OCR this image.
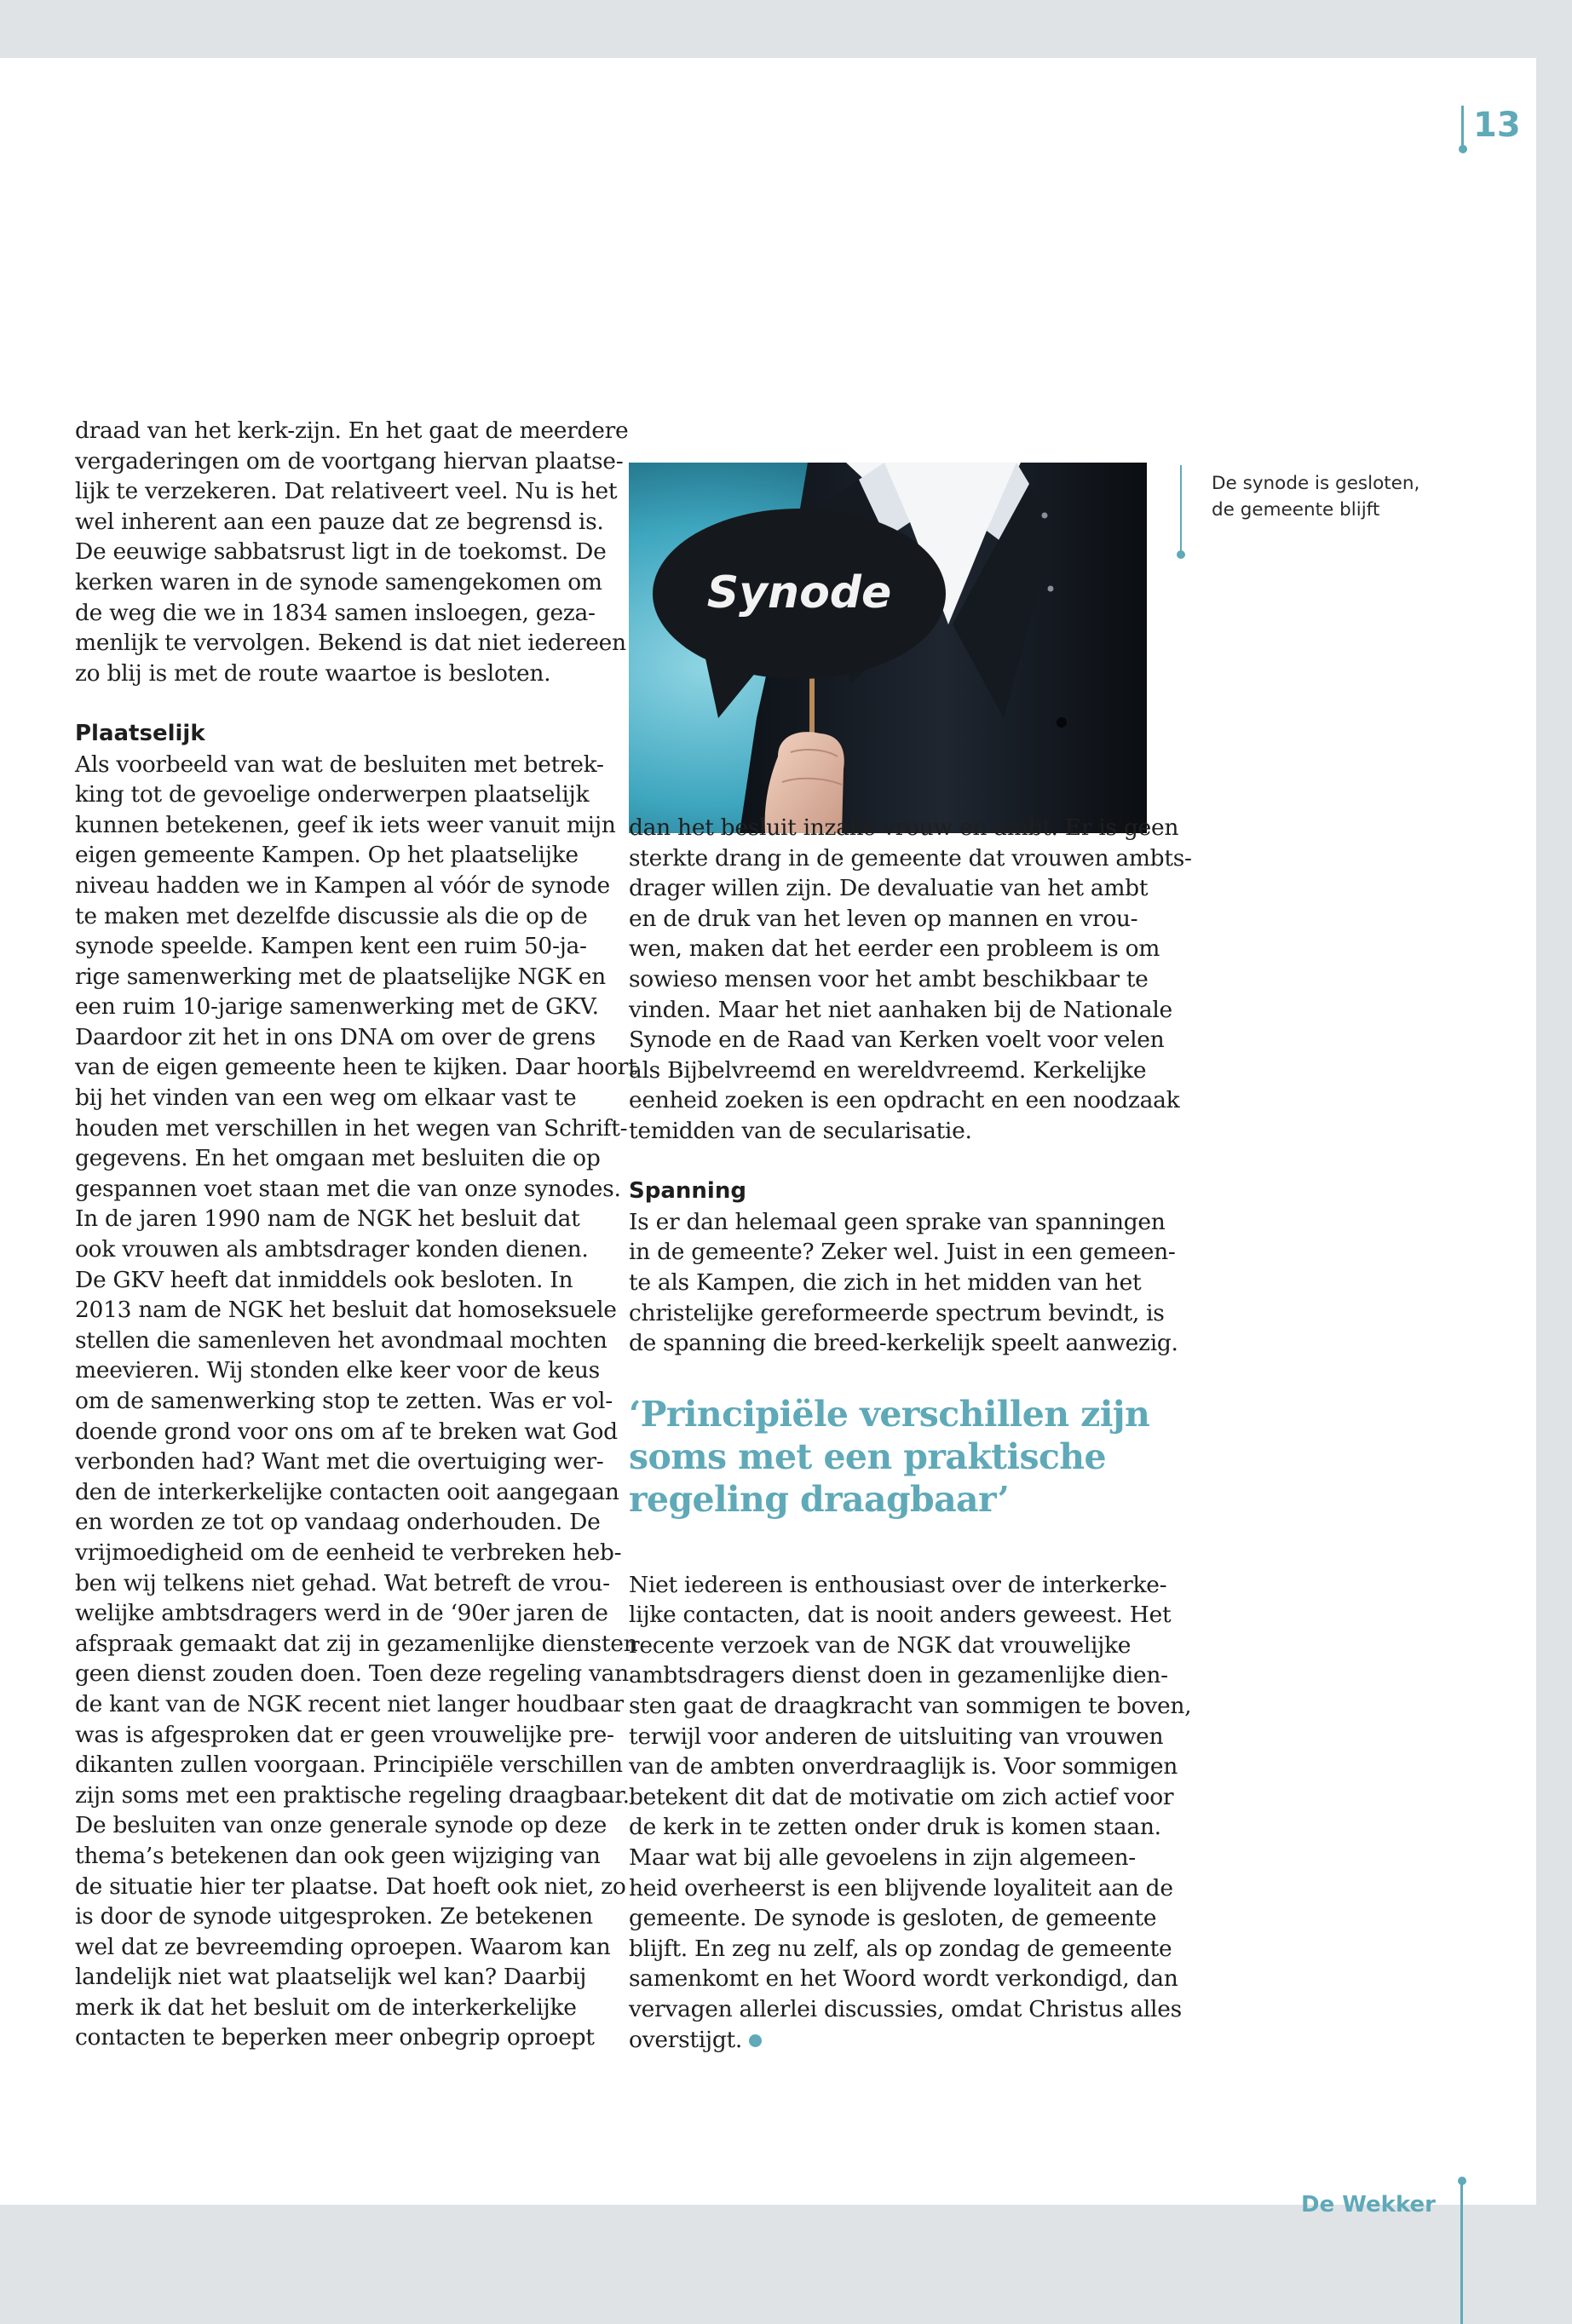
13
Synode
De synode is gesloten,
de gemeente blijft

draad van het kerk-zijn. En het gaat de meerdere
vergaderingen om de voortgang hiervan plaatse-
lijk te verzekeren. Dat relativeert veel. Nu is het
wel inherent aan een pauze dat ze begrensd is.
De eeuwige sabbatsrust ligt in de toekomst. De
kerken waren in de synode samengekomen om
de weg die we in 1834 samen insloegen, geza-
menlijk te vervolgen. Bekend is dat niet iedereen
zo blij is met de route waartoe is besloten.

Plaatselijk

Als voorbeeld van wat de besluiten met betrek-
king tot de gevoelige onderwerpen plaatselijk
kunnen betekenen, geef ik iets weer vanuit mijn
eigen gemeente Kampen. Op het plaatselijke
niveau hadden we in Kampen al vóór de synode
te maken met dezelfde discussie als die op de
synode speelde. Kampen kent een ruim 50-ja-
rige samenwerking met de plaatselijke NGK en
een ruim 10-jarige samenwerking met de GKV.
Daardoor zit het in ons DNA om over de grens
van de eigen gemeente heen te kijken. Daar hoort
bij het vinden van een weg om elkaar vast te
houden met verschillen in het wegen van Schrift-
gegevens. En het omgaan met besluiten die op
gespannen voet staan met die van onze synodes.
In de jaren 1990 nam de NGK het besluit dat
ook vrouwen als ambtsdrager konden dienen.
De GKV heeft dat inmiddels ook besloten. In
2013 nam de NGK het besluit dat homoseksuele
stellen die samenleven het avondmaal mochten
meevieren. Wij stonden elke keer voor de keus
om de samenwerking stop te zetten. Was er vol-
doende grond voor ons om af te breken wat God
verbonden had? Want met die overtuiging wer-
den de interkerkelijke contacten ooit aangegaan
en worden ze tot op vandaag onderhouden. De
vrijmoedigheid om de eenheid te verbreken heb-
ben wij telkens niet gehad. Wat betreft de vrou-
welijke ambtsdragers werd in de ‘90er jaren de
afspraak gemaakt dat zij in gezamenlijke diensten
geen dienst zouden doen. Toen deze regeling van
de kant van de NGK recent niet langer houdbaar
was is afgesproken dat er geen vrouwelijke pre-
dikanten zullen voorgaan. Principiële verschillen
zijn soms met een praktische regeling draagbaar.
De besluiten van onze generale synode op deze
thema’s betekenen dan ook geen wijziging van
de situatie hier ter plaatse. Dat hoeft ook niet, zo
is door de synode uitgesproken. Ze betekenen
wel dat ze bevreemding oproepen. Waarom kan
landelijk niet wat plaatselijk wel kan? Daarbij
merk ik dat het besluit om de interkerkelijke
contacten te beperken meer onbegrip oproept

dan het besluit inzake vrouw en ambt. Er is geen
sterkte drang in de gemeente dat vrouwen ambts-
drager willen zijn. De devaluatie van het ambt
en de druk van het leven op mannen en vrou-
wen, maken dat het eerder een probleem is om
sowieso mensen voor het ambt beschikbaar te
vinden. Maar het niet aanhaken bij de Nationale
Synode en de Raad van Kerken voelt voor velen
als Bijbelvreemd en wereldvreemd. Kerkelijke
eenheid zoeken is een opdracht en een noodzaak
temidden van de secularisatie.

Spanning

Is er dan helemaal geen sprake van spanningen
in de gemeente? Zeker wel. Juist in een gemeen-
te als Kampen, die zich in het midden van het
christelijke gereformeerde spectrum bevindt, is
de spanning die breed-kerkelijk speelt aanwezig.

‘Principiële verschillen zijn
soms met een praktische
regeling draagbaar’

Niet iedereen is enthousiast over de interkerke-
lijke contacten, dat is nooit anders geweest. Het
recente verzoek van de NGK dat vrouwelijke
ambtsdragers dienst doen in gezamenlijke dien-
sten gaat de draagkracht van sommigen te boven,
terwijl voor anderen de uitsluiting van vrouwen
van de ambten onverdraaglijk is. Voor sommigen
betekent dit dat de motivatie om zich actief voor
de kerk in te zetten onder druk is komen staan.
Maar wat bij alle gevoelens in zijn algemeen-
heid overheerst is een blijvende loyaliteit aan de
gemeente. De synode is gesloten, de gemeente
blijft. En zeg nu zelf, als op zondag de gemeente
samenkomt en het Woord wordt verkondigd, dan
vervagen allerlei discussies, omdat Christus alles
overstijgt.

De Wekker
